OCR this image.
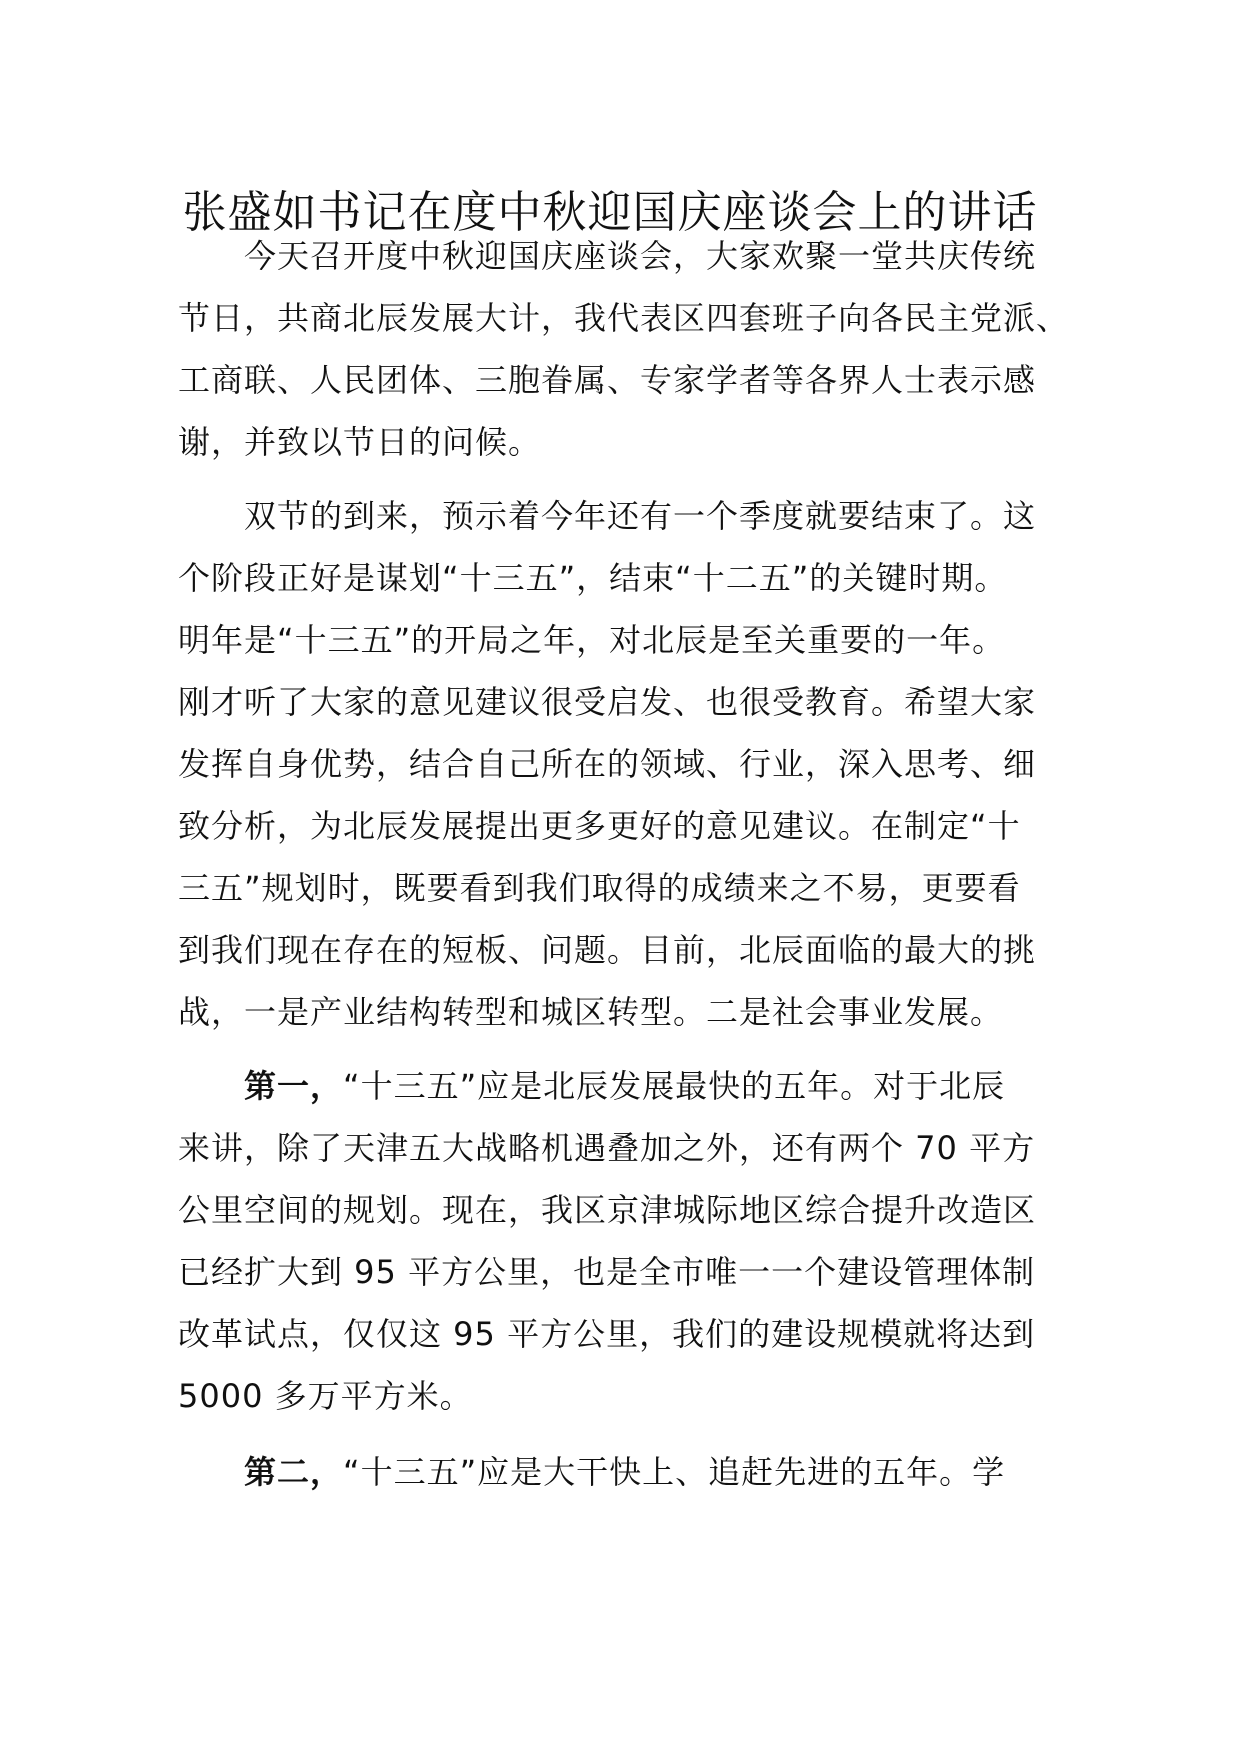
张盛如书记在度中秋迎国庆座谈会上的讲话

今天召开度中秋迎国庆座谈会，大家欢聚一堂共庆传统

节日，共商北辰发展大计，我代表区四套班子向各民主党派、

工商联、人民团体、三胞眷属、专家学者等各界人士表示感

谢，并致以节日的问候。

双节的到来，预示着今年还有一个季度就要结束了。这

个阶段正好是谋划“十三五”，结束“十二五”的关键时期。

明年是“十三五”的开局之年，对北辰是至关重要的一年。

刚才听了大家的意见建议很受启发、也很受教育。希望大家

发挥自身优势，结合自己所在的领域、行业，深入思考、细

致分析，为北辰发展提出更多更好的意见建议。在制定“十

三五”规划时，既要看到我们取得的成绩来之不易，更要看

到我们现在存在的短板、问题。目前，北辰面临的最大的挑

战，一是产业结构转型和城区转型。二是社会事业发展。

第一，“十三五”应是北辰发展最快的五年。对于北辰

来讲，除了天津五大战略机遇叠加之外，还有两个 70 平方

公里空间的规划。现在，我区京津城际地区综合提升改造区

已经扩大到 95 平方公里，也是全市唯一一个建设管理体制

改革试点，仅仅这 95 平方公里，我们的建设规模就将达到

5000 多万平方米。

第二，“十三五”应是大干快上、追赶先进的五年。学
